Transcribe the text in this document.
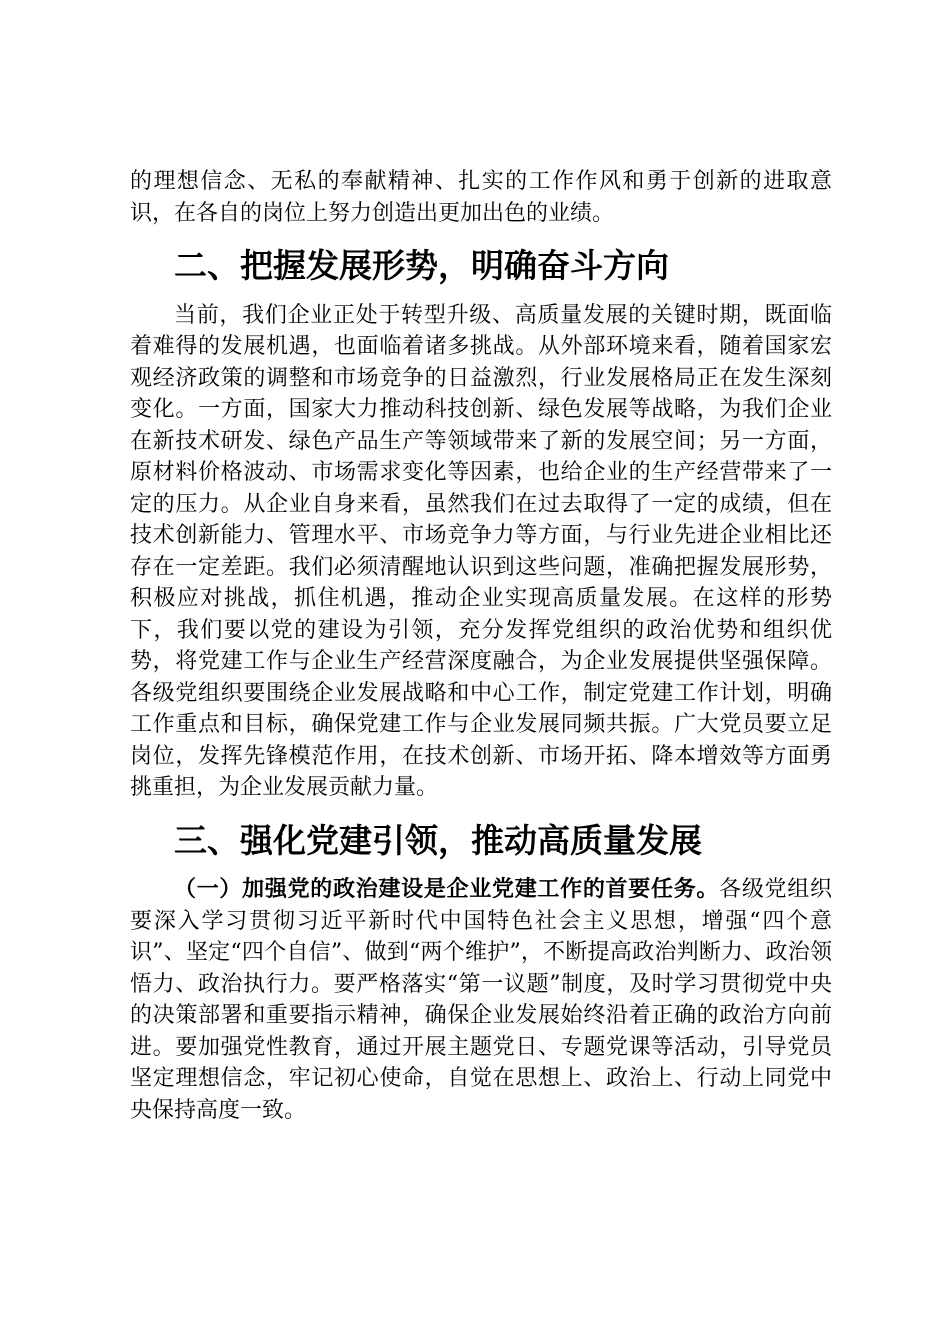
的理想信念、无私的奉献精神、扎实的工作作风和勇于创新的进取意识，在各自的岗位上努力创造出更加出色的业绩。

二、把握发展形势，明确奋斗方向

当前，我们企业正处于转型升级、高质量发展的关键时期，既面临着难得的发展机遇，也面临着诸多挑战。从外部环境来看，随着国家宏观经济政策的调整和市场竞争的日益激烈，行业发展格局正在发生深刻变化。一方面，国家大力推动科技创新、绿色发展等战略，为我们企业在新技术研发、绿色产品生产等领域带来了新的发展空间；另一方面，原材料价格波动、市场需求变化等因素，也给企业的生产经营带来了一定的压力。从企业自身来看，虽然我们在过去取得了一定的成绩，但在技术创新能力、管理水平、市场竞争力等方面，与行业先进企业相比还存在一定差距。我们必须清醒地认识到这些问题，准确把握发展形势，积极应对挑战，抓住机遇，推动企业实现高质量发展。在这样的形势下，我们要以党的建设为引领，充分发挥党组织的政治优势和组织优势，将党建工作与企业生产经营深度融合，为企业发展提供坚强保障。各级党组织要围绕企业发展战略和中心工作，制定党建工作计划，明确工作重点和目标，确保党建工作与企业发展同频共振。广大党员要立足岗位，发挥先锋模范作用，在技术创新、市场开拓、降本增效等方面勇挑重担，为企业发展贡献力量。

三、强化党建引领，推动高质量发展

（一）加强党的政治建设是企业党建工作的首要任务。各级党组织要深入学习贯彻习近平新时代中国特色社会主义思想，增强“四个意识”、坚定“四个自信”、做到“两个维护”，不断提高政治判断力、政治领悟力、政治执行力。要严格落实“第一议题”制度，及时学习贯彻党中央的决策部署和重要指示精神，确保企业发展始终沿着正确的政治方向前进。要加强党性教育，通过开展主题党日、专题党课等活动，引导党员坚定理想信念，牢记初心使命，自觉在思想上、政治上、行动上同党中央保持高度一致。
